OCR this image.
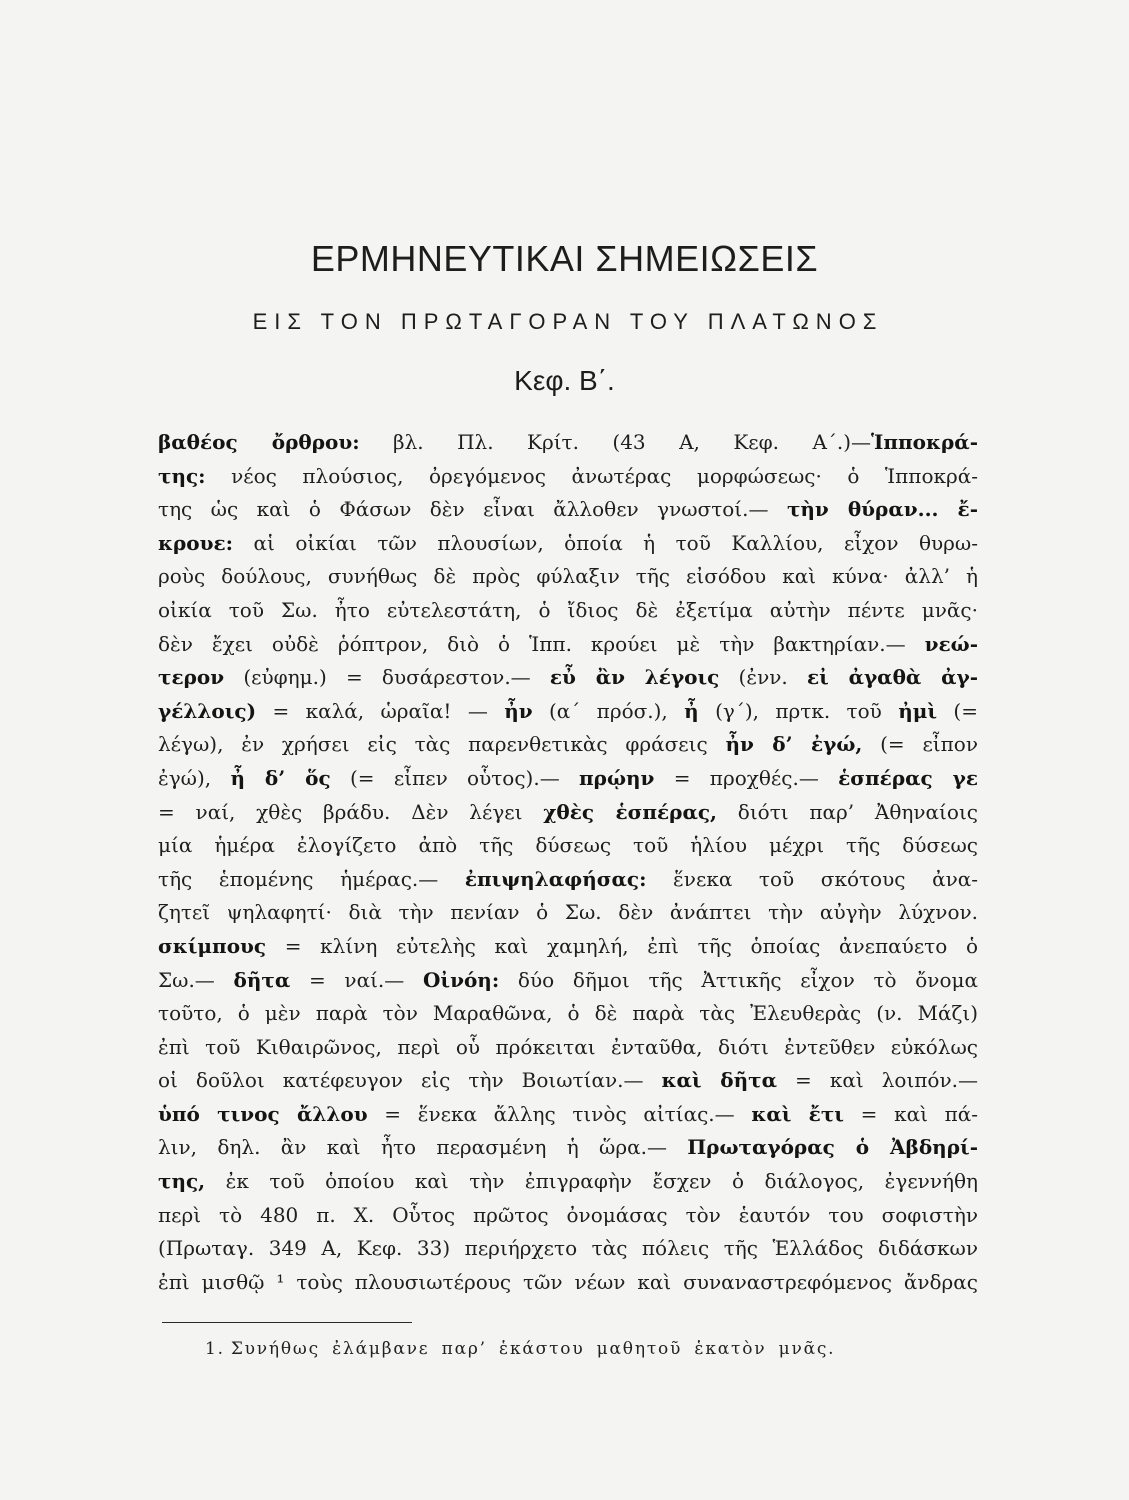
ΕΡΜΗΝΕΥΤΙΚΑΙ ΣΗΜΕΙΩΣΕΙΣ
ΕΙΣ ΤΟΝ ΠΡΩΤΑΓΟΡΑΝ ΤΟΥ ΠΛΑΤΩΝΟΣ
Κεφ. Β΄.
βαθέος ὄρθρου: βλ. Πλ. Κρίτ. (43 Α, Κεφ. Α΄.)—Ἱπποκρά-
της: νέος πλούσιος, ὀρεγόμενος ἀνωτέρας μορφώσεως· ὁ Ἱπποκρά-
της ὡς καὶ ὁ Φάσων δὲν εἶναι ἄλλοθεν γνωστοί.— τὴν θύραν... ἔ-
κρουε: αἱ οἰκίαι τῶν πλουσίων, ὁποία ἡ τοῦ Καλλίου, εἶχον θυρω-
ροὺς δούλους, συνήθως δὲ πρὸς φύλαξιν τῆς εἰσόδου καὶ κύνα· ἀλλ’ ἡ
οἰκία τοῦ Σω. ἦτο εὐτελεστάτη, ὁ ἴδιος δὲ ἐξετίμα αὐτὴν πέντε μνᾶς·
δὲν ἔχει οὐδὲ ῥόπτρον, διὸ ὁ Ἱππ. κρούει μὲ τὴν βακτηρίαν.— νεώ-
τερον (εὐφημ.) = δυσάρεστον.— εὖ ἂν λέγοις (ἐνν. εἰ ἀγαθὰ ἀγ-
γέλλοις) = καλά, ὡραῖα! — ἦν (α΄ πρόσ.), ἦ (γ΄), πρτκ. τοῦ ἠμὶ (=
λέγω), ἐν χρήσει εἰς τὰς παρενθετικὰς φράσεις ἦν δ’ ἐγώ, (= εἶπον
ἐγώ), ἦ δ’ ὅς (= εἶπεν οὗτος).— πρῴην = προχθές.— ἑσπέρας γε
= ναί, χθὲς βράδυ. Δὲν λέγει χθὲς ἑσπέρας, διότι παρ’ Ἀθηναίοις
μία ἡμέρα ἐλογίζετο ἀπὸ τῆς δύσεως τοῦ ἡλίου μέχρι τῆς δύσεως
τῆς ἑπομένης ἡμέρας.— ἐπιψηλαφήσας: ἕνεκα τοῦ σκότους ἀνα-
ζητεῖ ψηλαφητί· διὰ τὴν πενίαν ὁ Σω. δὲν ἀνάπτει τὴν αὐγὴν λύχνον.
σκίμπους = κλίνη εὐτελὴς καὶ χαμηλή, ἐπὶ τῆς ὁποίας ἀνεπαύετο ὁ
Σω.— δῆτα = ναί.— Οἰνόη: δύο δῆμοι τῆς Ἀττικῆς εἶχον τὸ ὄνομα
τοῦτο, ὁ μὲν παρὰ τὸν Μαραθῶνα, ὁ δὲ παρὰ τὰς Ἐλευθερὰς (ν. Μάζι)
ἐπὶ τοῦ Κιθαιρῶνος, περὶ οὗ πρόκειται ἐνταῦθα, διότι ἐντεῦθεν εὐκόλως
οἱ δοῦλοι κατέφευγον εἰς τὴν Βοιωτίαν.— καὶ δῆτα = καὶ λοιπόν.—
ὑπό τινος ἄλλου = ἕνεκα ἄλλης τινὸς αἰτίας.— καὶ ἔτι = καὶ πά-
λιν, δηλ. ἂν καὶ ἦτο περασμένη ἡ ὥρα.— Πρωταγόρας ὁ Ἀβδηρί-
της, ἐκ τοῦ ὁποίου καὶ τὴν ἐπιγραφὴν ἔσχεν ὁ διάλογος, ἐγεννήθη
περὶ τὸ 480 π. Χ. Οὗτος πρῶτος ὀνομάσας τὸν ἑαυτόν του σοφιστὴν
(Πρωταγ. 349 Α, Κεφ. 33) περιήρχετο τὰς πόλεις τῆς Ἑλλάδος διδάσκων
ἐπὶ μισθῷ ¹ τοὺς πλουσιωτέρους τῶν νέων καὶ συναναστρεφόμενος ἄνδρας
1. Συνήθως ἐλάμβανε παρ’ ἑκάστου μαθητοῦ ἑκατὸν μνᾶς.
